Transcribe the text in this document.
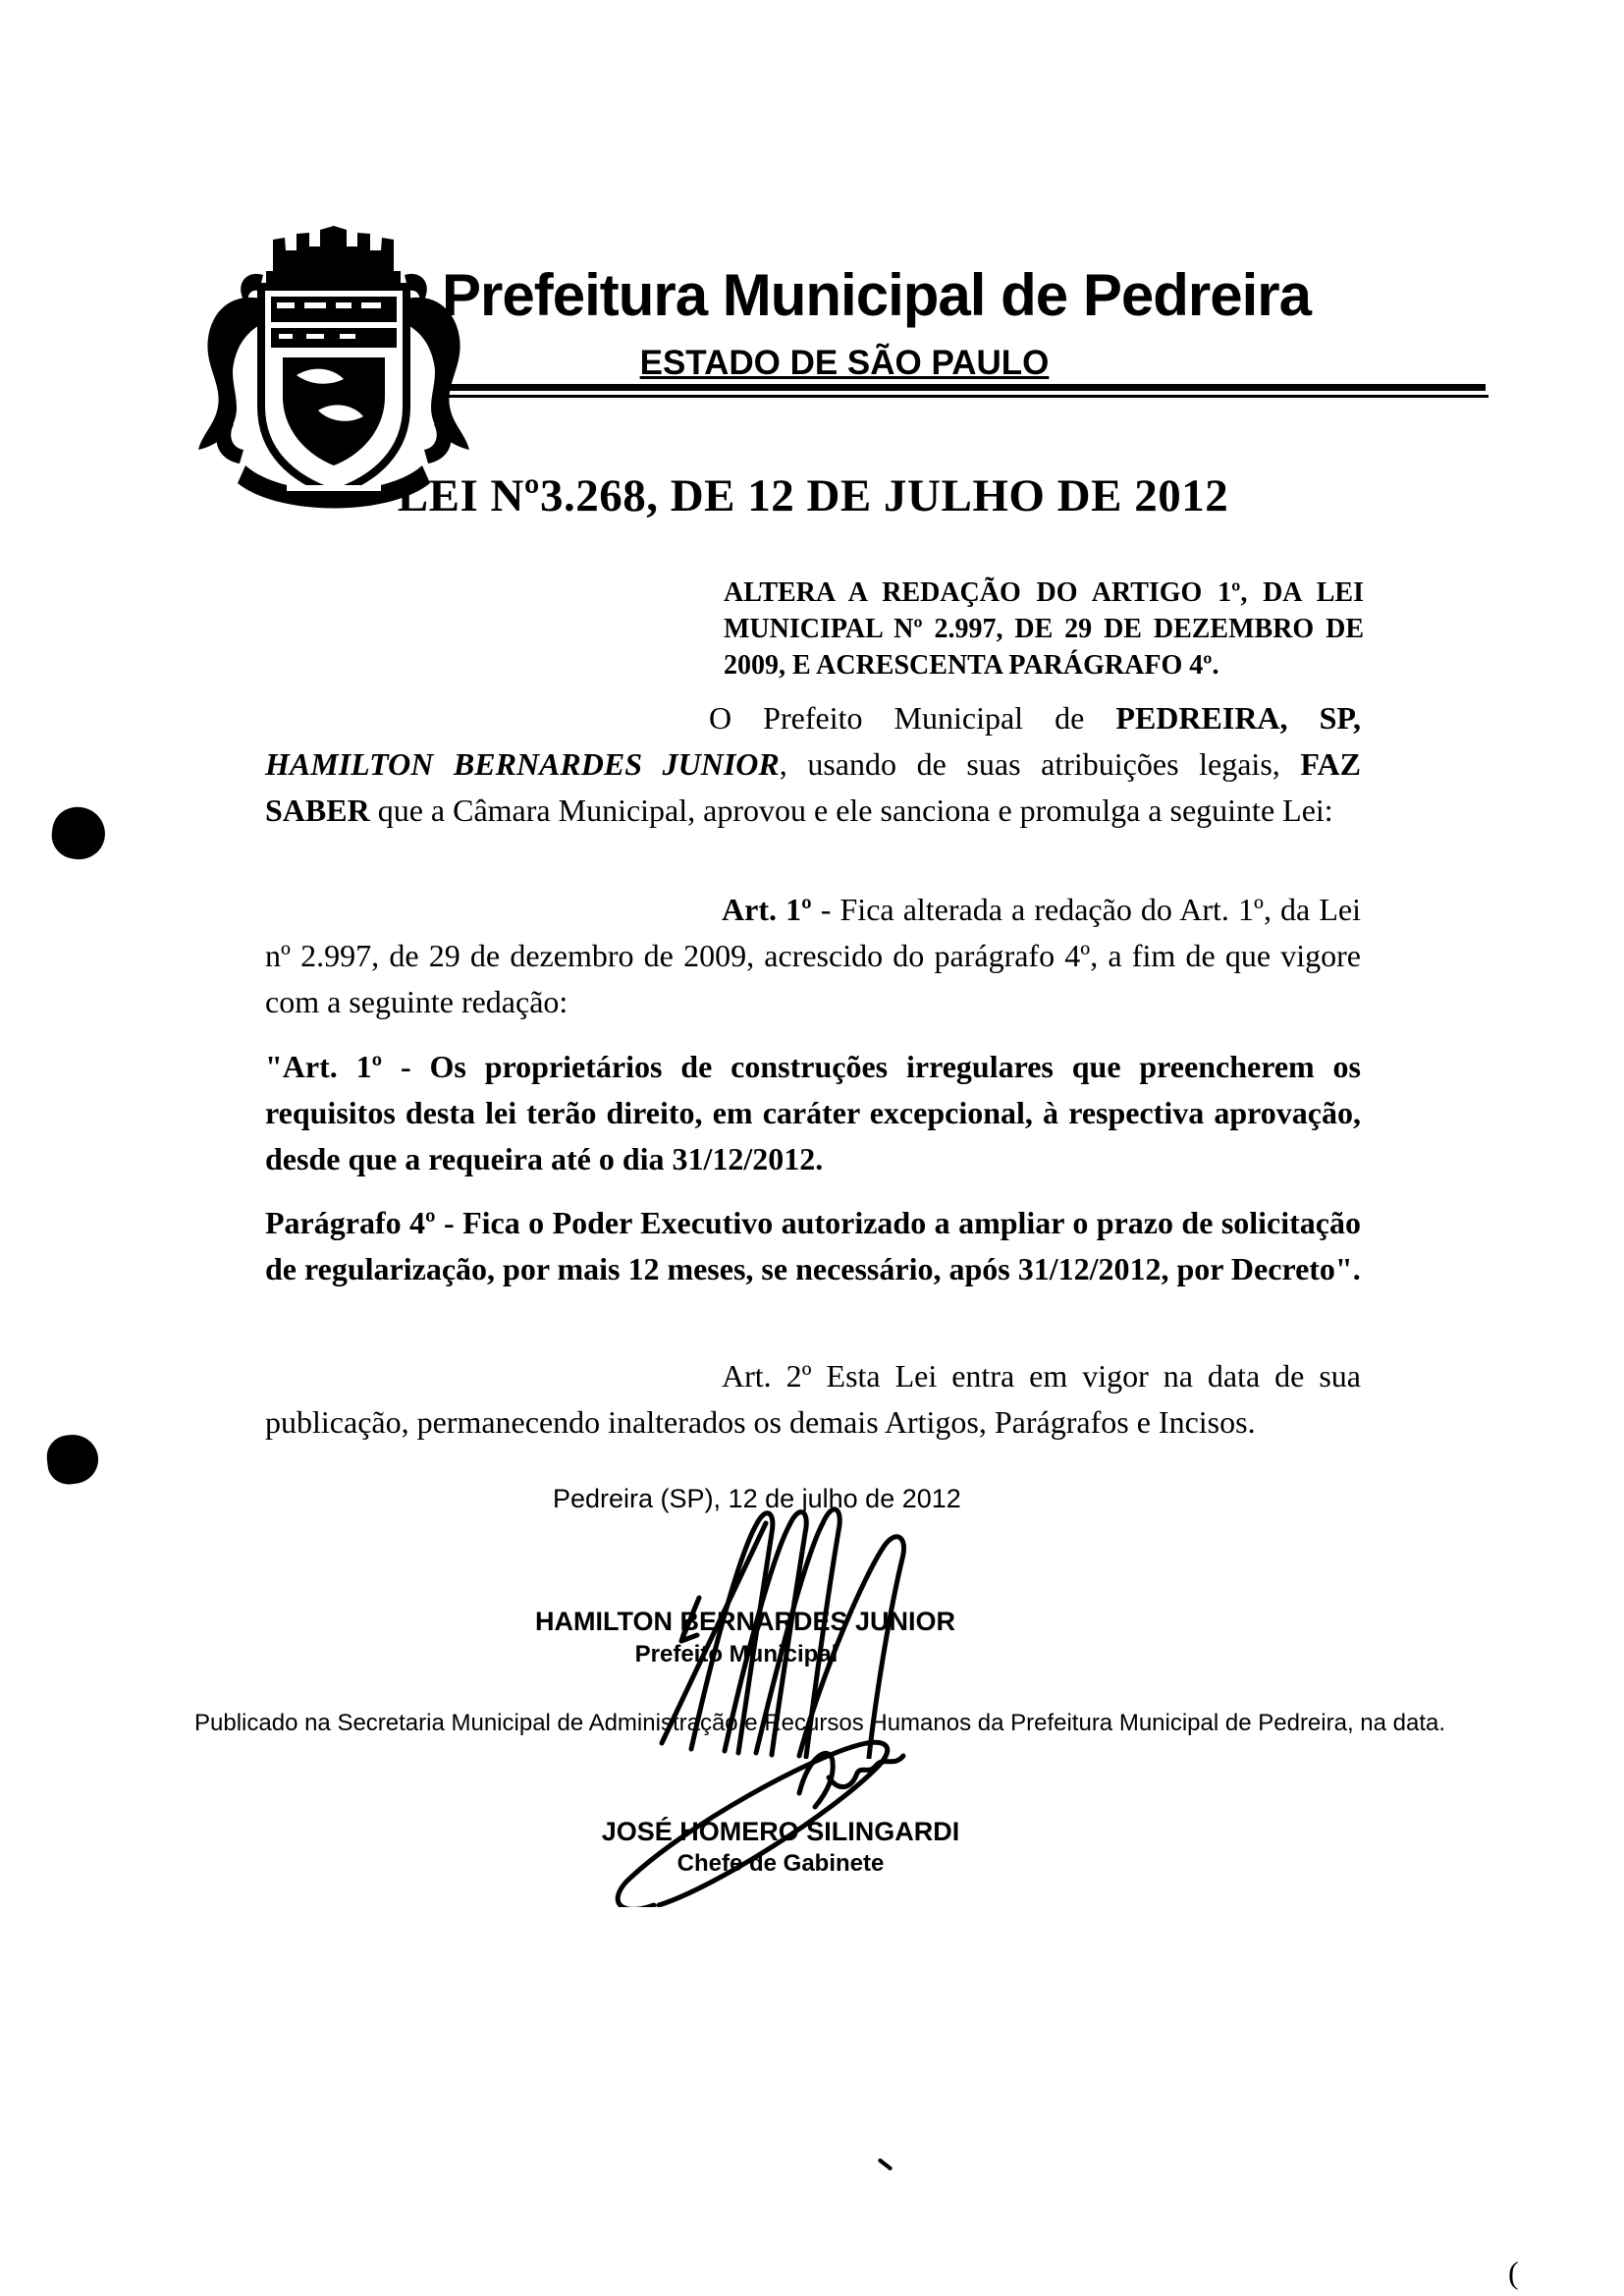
Prefeitura Municipal de Pedreira
ESTADO DE SÃO PAULO
LEI Nº3.268, DE 12 DE JULHO DE 2012
ALTERA A REDAÇÃO DO ARTIGO 1º, DA LEI MUNICIPAL Nº 2.997, DE 29 DE DEZEMBRO DE 2009, E ACRESCENTA PARÁGRAFO 4º.
O Prefeito Municipal de PEDREIRA, SP, HAMILTON BERNARDES JUNIOR, usando de suas atribuições legais, FAZ SABER que a Câmara Municipal, aprovou e ele sanciona e promulga a seguinte Lei:
Art. 1º - Fica alterada a redação do Art. 1º, da Lei nº 2.997, de 29 de dezembro de 2009, acrescido do parágrafo 4º, a fim de que vigore com a seguinte redação:
"Art. 1º - Os proprietários de construções irregulares que preencherem os requisitos desta lei terão direito, em caráter excepcional, à respectiva aprovação, desde que a requeira até o dia 31/12/2012.
Parágrafo 4º - Fica o Poder Executivo autorizado a ampliar o prazo de solicitação de regularização, por mais 12 meses, se necessário, após 31/12/2012, por Decreto".
Art. 2º Esta Lei entra em vigor na data de sua publicação, permanecendo inalterados os demais Artigos, Parágrafos e Incisos.
Pedreira (SP), 12 de julho de 2012
HAMILTON BERNARDES JUNIOR
Prefeito Municipal
Publicado na Secretaria Municipal de Administração e Recursos Humanos da Prefeitura Municipal de Pedreira, na data.
JOSÉ HOMERO SILINGARDI
Chefe de Gabinete
(
